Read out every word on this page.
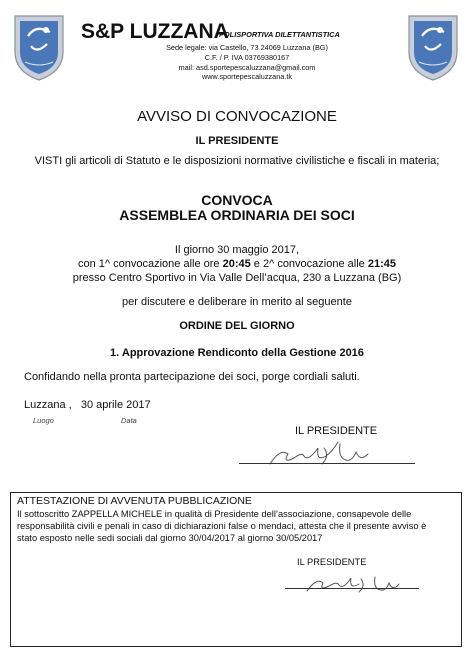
S&P LUZZANA
POLISPORTIVA DILETTANTISTICA
Sede legale: via Castello, 73 24069 Luzzana (BG)
C.F. / P. IVA 03769380167
mail: asd.sportepescaluzzana@gmail.com
www.sportepescaluzzana.tk
AVVISO DI CONVOCAZIONE
IL PRESIDENTE
VISTI gli articoli di Statuto e le disposizioni normative civilistiche e fiscali in materia;
CONVOCA
ASSEMBLEA ORDINARIA DEI SOCI
Il giorno 30 maggio 2017,
con 1^ convocazione alle ore 20:45 e 2^ convocazione alle 21:45
presso Centro Sportivo in Via Valle Dell’acqua, 230 a Luzzana (BG)
per discutere e deliberare in merito al seguente
ORDINE DEL GIORNO
1. Approvazione Rendiconto della Gestione 2016
Confidando nella pronta partecipazione dei soci, porge cordiali saluti.
Luzzana ,   30 aprile 2017
Luogo	Data
IL PRESIDENTE
ATTESTAZIONE DI AVVENUTA PUBBLICAZIONE
Il sottoscritto ZAPPELLA MICHELE in qualità di Presidente dell’associazione, consapevole delle
responsabilità civili e penali in caso di dichiarazioni false o mendaci, attesta che il presente avviso è
stato esposto nelle sedi sociali dal giorno 30/04/2017 al giorno 30/05/2017
IL PRESIDENTE
